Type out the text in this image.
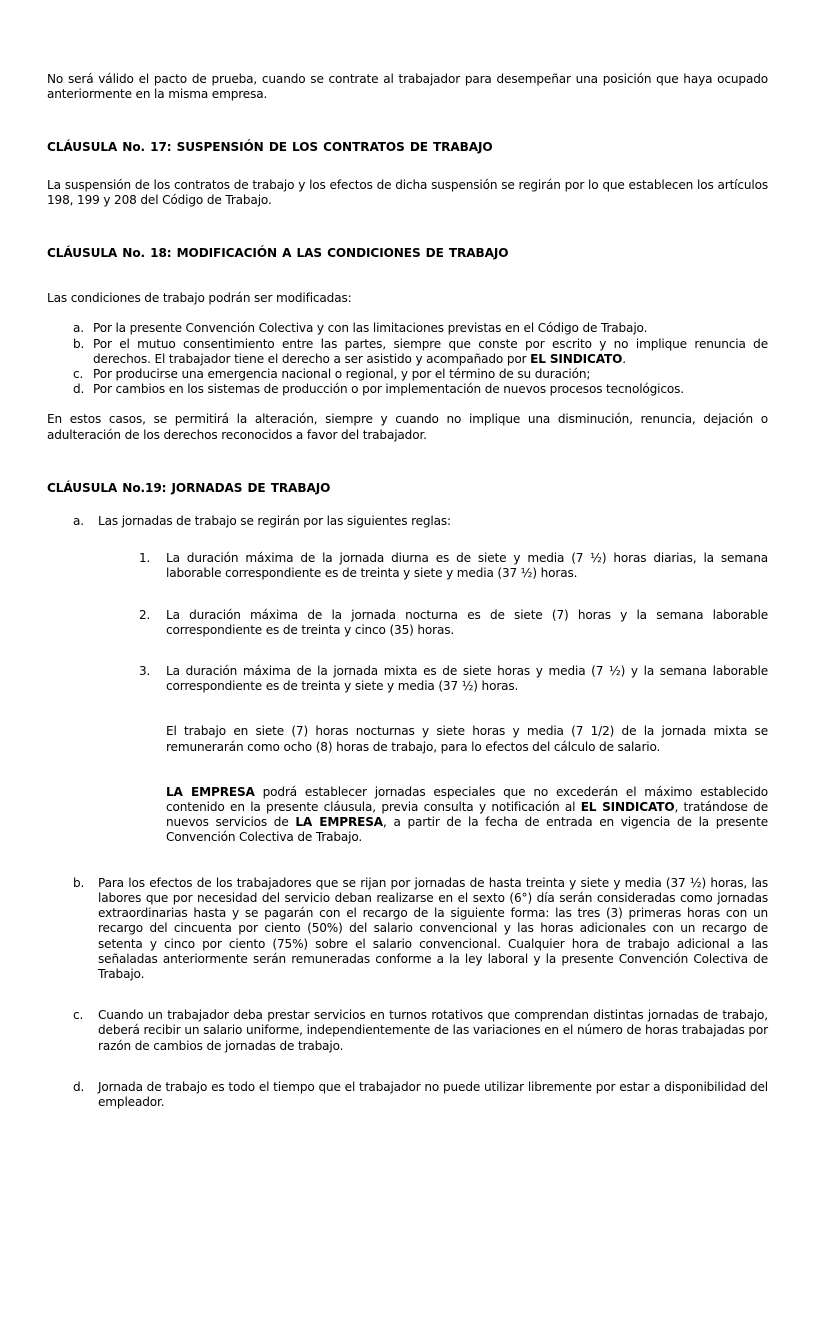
No será válido el pacto de prueba, cuando se contrate al trabajador para desempeñar una posición que haya ocupado anteriormente en la misma empresa.

CLÁUSULA No. 17: SUSPENSIÓN DE LOS CONTRATOS DE TRABAJO

La suspensión de los contratos de trabajo y los efectos de dicha suspensión se regirán por lo que establecen los artículos 198, 199 y 208 del Código de Trabajo.

CLÁUSULA No. 18: MODIFICACIÓN A LAS CONDICIONES DE TRABAJO

Las condiciones de trabajo podrán ser modificadas:

a. Por la presente Convención Colectiva y con las limitaciones previstas en el Código de Trabajo.
b. Por el mutuo consentimiento entre las partes, siempre que conste por escrito y no implique renuncia de derechos. El trabajador tiene el derecho a ser asistido y acompañado por EL SINDICATO.
c. Por producirse una emergencia nacional o regional, y por el término de su duración;
d. Por cambios en los sistemas de producción o por implementación de nuevos procesos tecnológicos.

En estos casos, se permitirá la alteración, siempre y cuando no implique una disminución, renuncia, dejación o adulteración de los derechos reconocidos a favor del trabajador.

CLÁUSULA No.19: JORNADAS DE TRABAJO

a.	Las jornadas de trabajo se regirán por las siguientes reglas:
1.	La duración máxima de la jornada diurna es de siete y media (7 ½) horas diarias, la semana laborable correspondiente es de treinta y siete y media (37 ½) horas.
2.	La duración máxima de la jornada nocturna es de siete (7) horas y la semana laborable correspondiente es de treinta y cinco (35) horas.
3.	La duración máxima de la jornada mixta es de siete horas y media (7 ½) y la semana laborable correspondiente es de treinta y siete y media (37 ½) horas.

El trabajo en siete (7) horas nocturnas y siete horas y media (7 1/2) de la jornada mixta se remunerarán como ocho (8) horas de trabajo, para lo efectos del cálculo de salario.

LA EMPRESA podrá establecer jornadas especiales que no excederán el máximo establecido contenido en la presente cláusula, previa consulta y notificación al EL SINDICATO, tratándose de nuevos servicios de LA EMPRESA, a partir de la fecha de entrada en vigencia de la presente Convención Colectiva de Trabajo.

b.	Para los efectos de los trabajadores que se rijan por jornadas de hasta treinta y siete y media (37 ½) horas, las labores que por necesidad del servicio deban realizarse en el sexto (6°) día serán consideradas como jornadas extraordinarias hasta y se pagarán con el recargo de la siguiente forma: las tres (3) primeras horas con un recargo del cincuenta por ciento (50%) del salario convencional y las horas adicionales con un recargo de setenta y cinco por ciento (75%) sobre el salario convencional. Cualquier hora de trabajo adicional a las señaladas anteriormente serán remuneradas conforme a la ley laboral y la presente Convención Colectiva de Trabajo.
c.	Cuando un trabajador deba prestar servicios en turnos rotativos que comprendan distintas jornadas de trabajo, deberá recibir un salario uniforme, independientemente de las variaciones en el número de horas trabajadas por razón de cambios de jornadas de trabajo.
d.	Jornada de trabajo es todo el tiempo que el trabajador no puede utilizar libremente por estar a disponibilidad del empleador.
